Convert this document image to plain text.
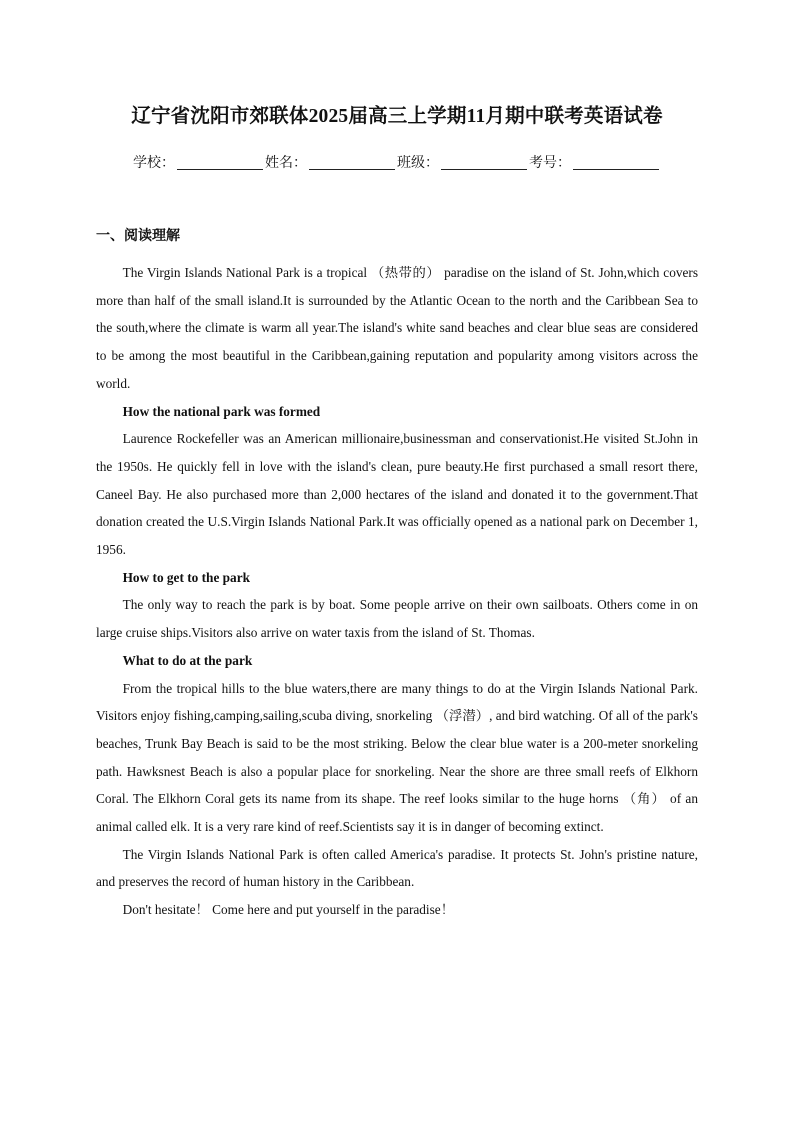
辽宁省沈阳市郊联体2025届高三上学期11月期中联考英语试卷
学校：	姓名：	班级：	考号：
一、阅读理解

The Virgin Islands National Park is a tropical （热带的） paradise on the island of St. John,which covers more than half of the small island.It is surrounded by the Atlantic Ocean to the north and the Caribbean Sea to the south,where the climate is warm all year.The island's white sand beaches and clear blue seas are considered to be among the most beautiful in the Caribbean,gaining reputation and popularity among visitors across the world.

How the national park was formed

Laurence Rockefeller was an American millionaire,businessman and conservationist.He visited St.John in the 1950s. He quickly fell in love with the island's clean, pure beauty.He first purchased a small resort there, Caneel Bay. He also purchased more than 2,000 hectares of the island and donated it to the government.That donation created the U.S.Virgin Islands National Park.It was officially opened as a national park on December 1, 1956.

How to get to the park

The only way to reach the park is by boat. Some people arrive on their own sailboats. Others come in on large cruise ships.Visitors also arrive on water taxis from the island of St. Thomas.

What to do at the park

From the tropical hills to the blue waters,there are many things to do at the Virgin Islands National Park. Visitors enjoy fishing,camping,sailing,scuba diving, snorkeling （浮潜）, and bird watching. Of all of the park's beaches, Trunk Bay Beach is said to be the most striking. Below the clear blue water is a 200-meter snorkeling path. Hawksnest Beach is also a popular place for snorkeling. Near the shore are three small reefs of Elkhorn Coral. The Elkhorn Coral gets its name from its shape. The reef looks similar to the huge horns （角） of an animal called elk. It is a very rare kind of reef.Scientists say it is in danger of becoming extinct.

The Virgin Islands National Park is often called America's paradise. It protects St. John's pristine nature, and preserves the record of human history in the Caribbean.

Don't hesitate！ Come here and put yourself in the paradise！
